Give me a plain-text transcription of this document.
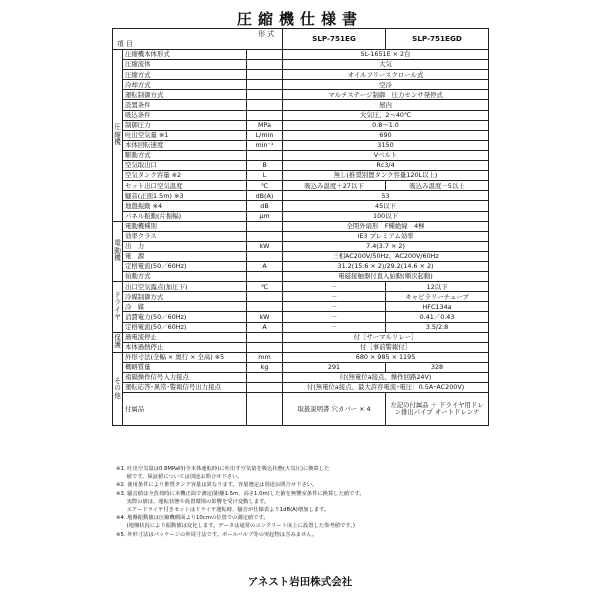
圧縮機仕様書
形 式
項 目			SLP-751EG	SLP-751EGD
圧縮機	圧縮機本体形式		SL-1651E × 2台	
	圧縮流体		大気	
	圧縮方式		オイルフリースクロール式	
	冷却方式		空冷	
	運転制御方式		マルチステージ制御　圧力センサ発停式	
	設置条件		屋内	
	吸込条件		大気圧、2～40℃	
	制御圧力	MPa	0.8～1.0	
	吐出空気量 ※1	L/min	690	
	本体回転速度	min⁻¹	3150	
	駆動方式		Vベルト	
	空気取出口	B	Rc3/4	
	空気タンク容量 ※2	L	無し(推奨別置タンク容量120L以上)	
	セット出口空気温度	℃	吸込み温度＋27以下	吸込み温度－5以上
	騒音(正面1.5m) ※3	dB(A)	53	
	地盤振動 ※4	dB	45以下	
	パネル振動(片振幅)	μm	100以下	
電動機	電動機種別		全閉外扇形　F種絶縁　4極	
	効率クラス		IE3 プレミアム効率	
	出　力	kW	7.4(3.7 × 2)	
	電　源		三相AC200V/50Hz、AC200V/60Hz	
	定格電流(50／60Hz)	A	31.2(15.6 × 2)/29.2(14.6 × 2)	
	始動方式		電磁接触器付直入始動(順次起動)	
ドライヤ	出口空気露点(加圧下)	℃	－	12以下
	冷媒制御方式		－	キャピラリーチューブ
	冷　媒		－	HFC134a
	消費電力(50／60Hz)	kW	－	0.41／0.43
	定格電流(50／60Hz)	A	－	3.5/2.8
保護	過電流停止		付［サーマルリレー］	
	本体過熱停止		付［事前警報付］	
その他	外形寸法(全幅 × 奥行 × 全高) ※5	mm	680 × 985 × 1195	
	概略質量	kg	291	328
	遠隔操作信号入力接点		付(無電位a接点、操作回路24V)	
	運転応答･異常･警報信号出力接点		付(無電位a接点、最大許容電流･電圧：0.5A･AC200V)	
	付属品		取扱説明書 穴カバー × 4	左記の付属品 ＋ ドライヤ用ドレン排出パイプ オートドレンナ
※1. 吐出空気量は0.8MPa時(全本体運転時)に吐出す空気量を吸込状態(大気圧)に換算した
　　値です。保証値については別途お問合せ下さい。
※2. 使用条件により推奨タンク容量は異なります。容量選定は別途お問合せ下さい。
※3. 騒音値は全負荷時に本機正面で測定(距離1.5m、高さ1.0m)した値を無響室条件に換算した値です。
　　実際の値は、運転状態や設置環境の影響を受け変動します。
　　エアードライヤ付きセットはドライヤ運転時、騒音が仕様表より1dB(A)増加します。
※4. 地盤振動値は圧縮機側面より10cmの位置での測定値です。
　　(地盤状況により振動値は変化します。データは通常のコンクリート床上に設置した参考値です。)
※5. 外形寸法はパッケージの外周寸法です。ボールバルブ等の突起物は含みません。
アネスト岩田株式会社
